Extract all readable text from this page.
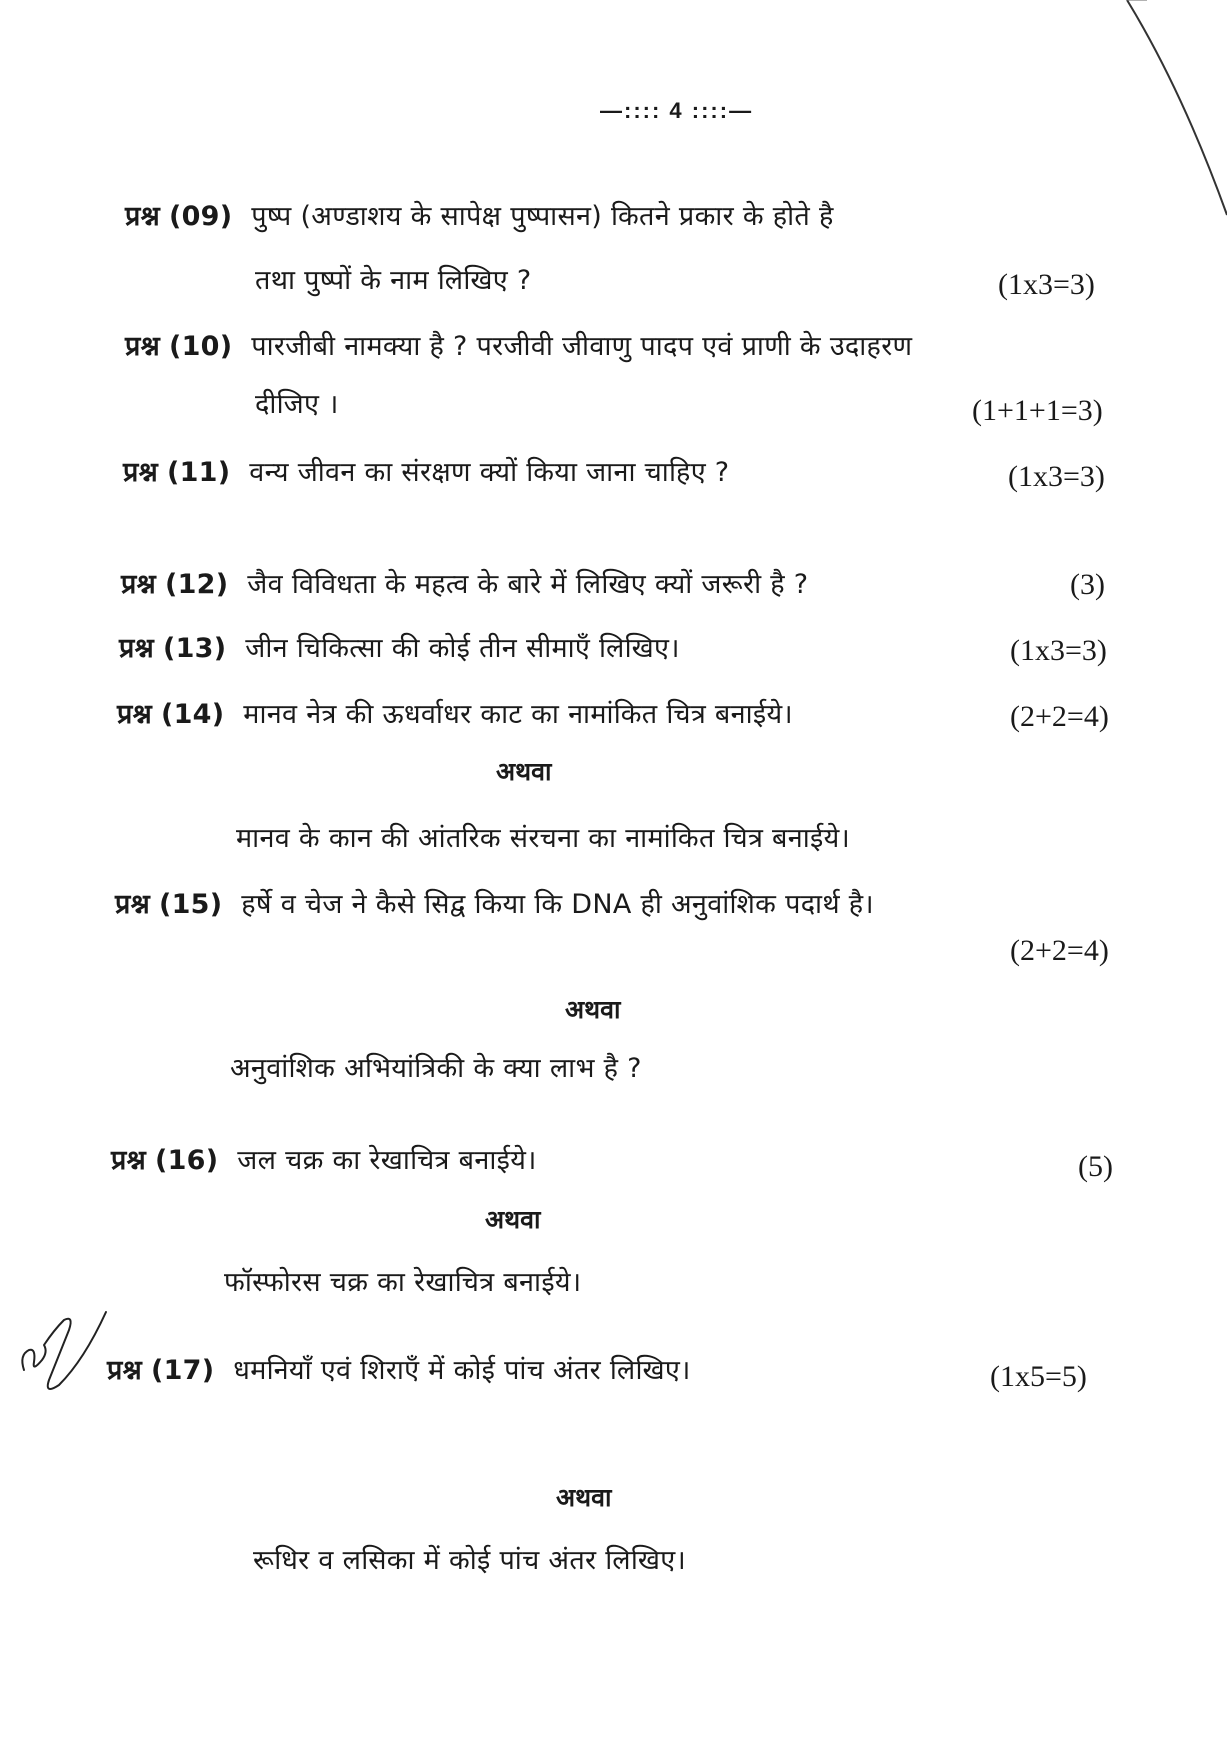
—:::: 4 ::::—
प्रश्न (09) पुष्प (अण्डाशय के सापेक्ष पुष्पासन) कितने प्रकार के होते है
तथा पुष्पों के नाम लिखिए ?	(1x3=3)
प्रश्न (10) पारजीबी नामक्या है ? परजीवी जीवाणु पादप एवं प्राणी के उदाहरण
दीजिए ।	(1+1+1=3)
प्रश्न (11) वन्य जीवन का संरक्षण क्यों किया जाना चाहिए ?	(1x3=3)
प्रश्न (12) जैव विविधता के महत्व के बारे में लिखिए क्यों जरूरी है ?	(3)
प्रश्न (13) जीन चिकित्सा की कोई तीन सीमाएँ लिखिए।	(1x3=3)
प्रश्न (14) मानव नेत्र की ऊधर्वाधर काट का नामांकित चित्र बनाईये।	(2+2=4)
अथवा
मानव के कान की आंतरिक संरचना का नामांकित चित्र बनाईये।
प्रश्न (15) हर्षे व चेज ने कैसे सिद्व किया कि DNA ही अनुवांशिक पदार्थ है।
(2+2=4)
अथवा
अनुवांशिक अभियांत्रिकी के क्या लाभ है ?
प्रश्न (16) जल चक्र का रेखाचित्र बनाईये।	(5)
अथवा
फॉस्फोरस चक्र का रेखाचित्र बनाईये।
प्रश्न (17) धमनियाँ एवं शिराएँ में कोई पांच अंतर लिखिए।	(1x5=5)
अथवा
रूधिर व लसिका में कोई पांच अंतर लिखिए।
